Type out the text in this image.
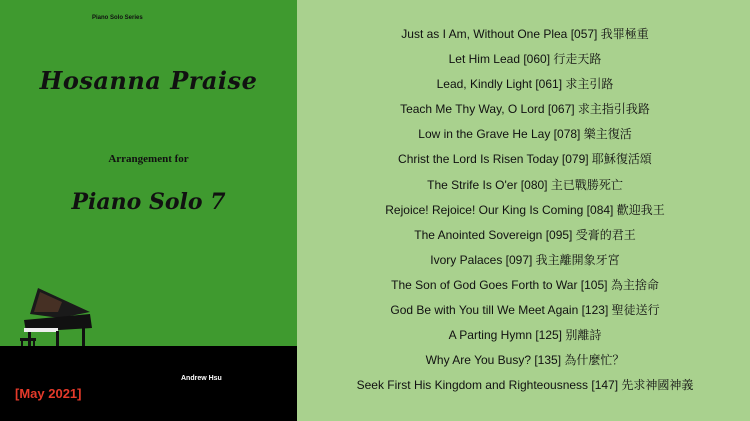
Piano Solo Series
Hosanna Praise
Arrangement for
Piano Solo 7
Andrew Hsu
[May 2021]
Just as I Am, Without One Plea [057] 我罪極重
Let Him Lead [060] 行走天路
Lead, Kindly Light [061] 求主引路
Teach Me Thy Way, O Lord [067] 求主指引我路
Low in the Grave He Lay [078] 樂主復活
Christ the Lord Is Risen Today [079] 耶穌復活頌
The Strife Is O'er [080] 主已戰勝死亡
Rejoice! Rejoice! Our King Is Coming [084] 歡迎我王
The Anointed Sovereign [095] 受膏的君王
Ivory Palaces [097] 我主離開象牙宮
The Son of God Goes Forth to War [105] 為主捨命
God Be with You till We Meet Again [123] 聖徒送行
A Parting Hymn [125] 别離詩
Why Are You Busy? [135] 為什麼忙？
Seek First His Kingdom and Righteousness [147] 先求神國神義
